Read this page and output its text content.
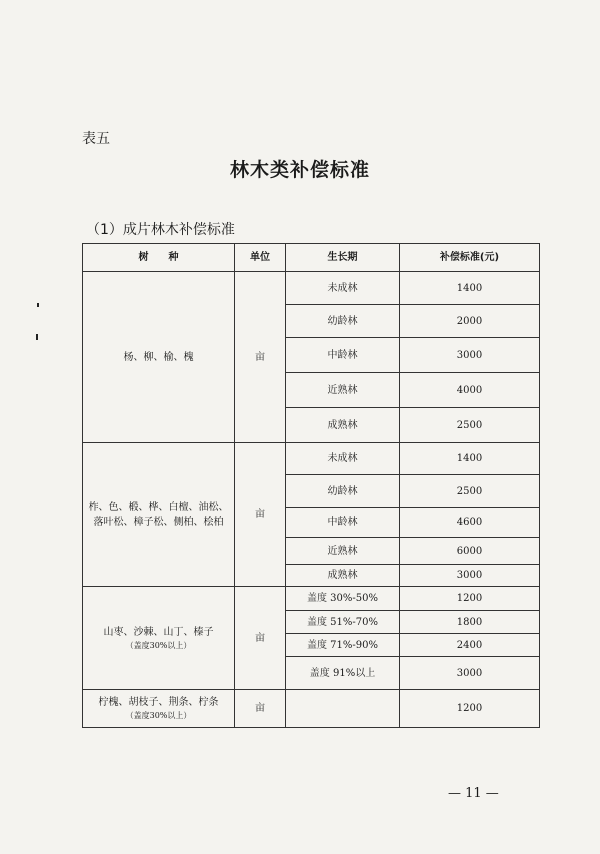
表五
林木类补偿标准
（1）成片林木补偿标准
树　　种	单位	生长期	补偿标准(元)
杨、柳、榆、槐	亩	未成林	1400
		幼龄林	2000
		中龄林	3000
		近熟林	4000
		成熟林	2500
柞、色、椴、桦、白檀、油松、落叶松、樟子松、侧柏、桧柏	亩	未成林	1400
		幼龄林	2500
		中龄林	4600
		近熟林	6000
		成熟林	3000
山枣、沙棘、山丁、榛子
（盖度30%以上）	亩	盖度 30%-50%	1200
		盖度 51%-70%	1800
		盖度 71%-90%	2400
		盖度 91%以上	3000
柠槐、胡枝子、荆条、柠条
（盖度30%以上）	亩		1200
— 11 —
